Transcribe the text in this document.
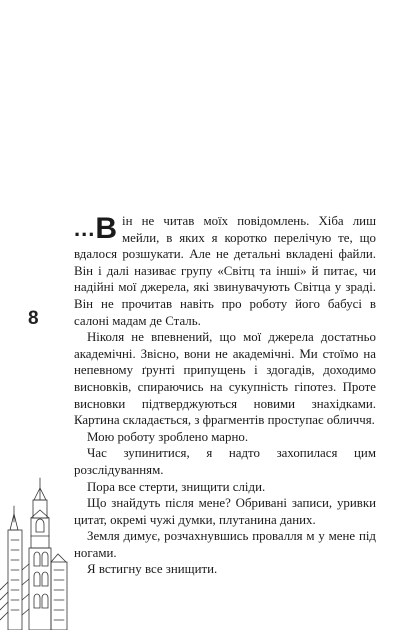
8

...В ін не читав моїх повідомлень. Хіба лиш мейли, в яких я коротко перелічую те, що вдалося розшукати. Але не детальні вкладені файли. Він і далі називає групу «Світц та інші» й питає, чи надійні мої джерела, які звинувачують Світца у зраді. Він не прочитав навіть про роботу його бабусі в салоні мадам де Сталь.

Ніколя не впевнений, що мої джерела достатньо академічні. Звісно, вони не академічні. Ми стоїмо на непевному ґрунті припущень і здогадів, доходимо висновків, спираючись на сукупність гіпотез. Проте висновки підтверджуються новими знахідками. Картина складається, з фрагментів проступає обличчя.

Мою роботу зроблено марно.

Час зупинитися, я надто захопилася цим розслідуванням.

Пора все стерти, знищити сліди.

Що знайдуть після мене? Обривані записи, уривки цитат, окремі чужі думки, плутанина даних.

Земля димує, розчахнувшись провалля м у мене під ногами.

Я встигну все знищити.
